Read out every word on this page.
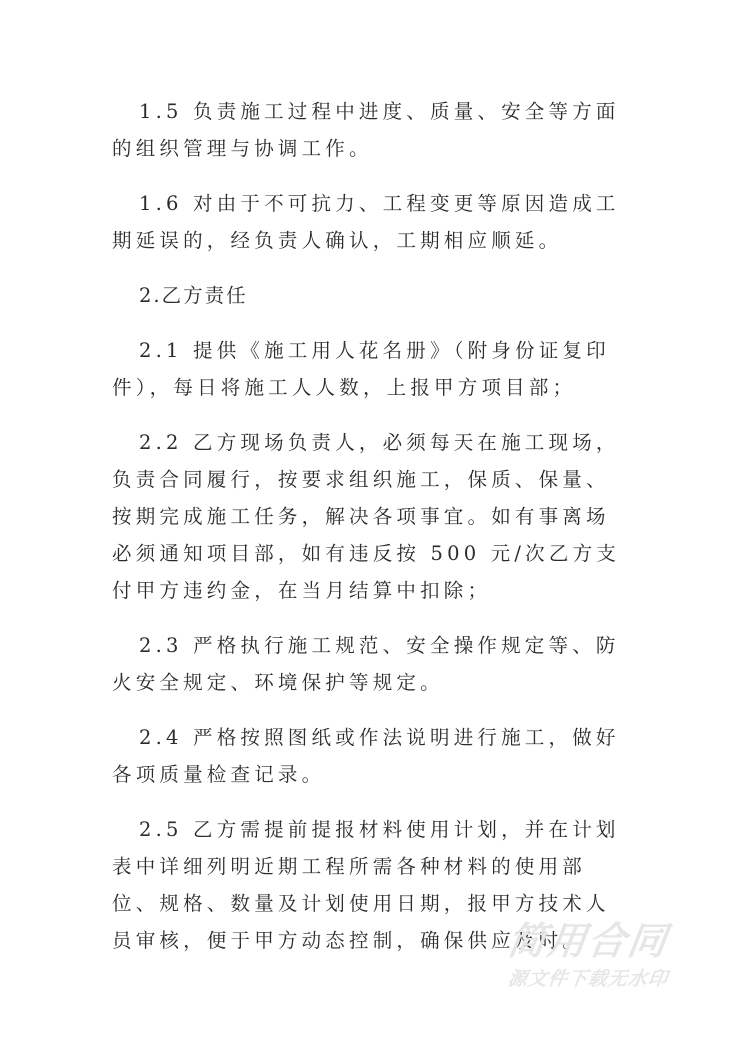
1.5 负责施工过程中进度、质量、安全等方面的组织管理与协调工作。

1.6 对由于不可抗力、工程变更等原因造成工期延误的，经负责人确认，工期相应顺延。

2.乙方责任

2.1 提供《施工用人花名册》（附身份证复印件），每日将施工人人数，上报甲方项目部；

2.2 乙方现场负责人，必须每天在施工现场，负责合同履行，按要求组织施工，保质、保量、按期完成施工任务，解决各项事宜。如有事离场必须通知项目部，如有违反按 500 元/次乙方支付甲方违约金，在当月结算中扣除；

2.3 严格执行施工规范、安全操作规定等、防火安全规定、环境保护等规定。

2.4 严格按照图纸或作法说明进行施工，做好各项质量检查记录。

2.5 乙方需提前提报材料使用计划，并在计划表中详细列明近期工程所需各种材料的使用部位、规格、数量及计划使用日期，报甲方技术人员审核，便于甲方动态控制，确保供应及时。

简用合同
源文件下载无水印
